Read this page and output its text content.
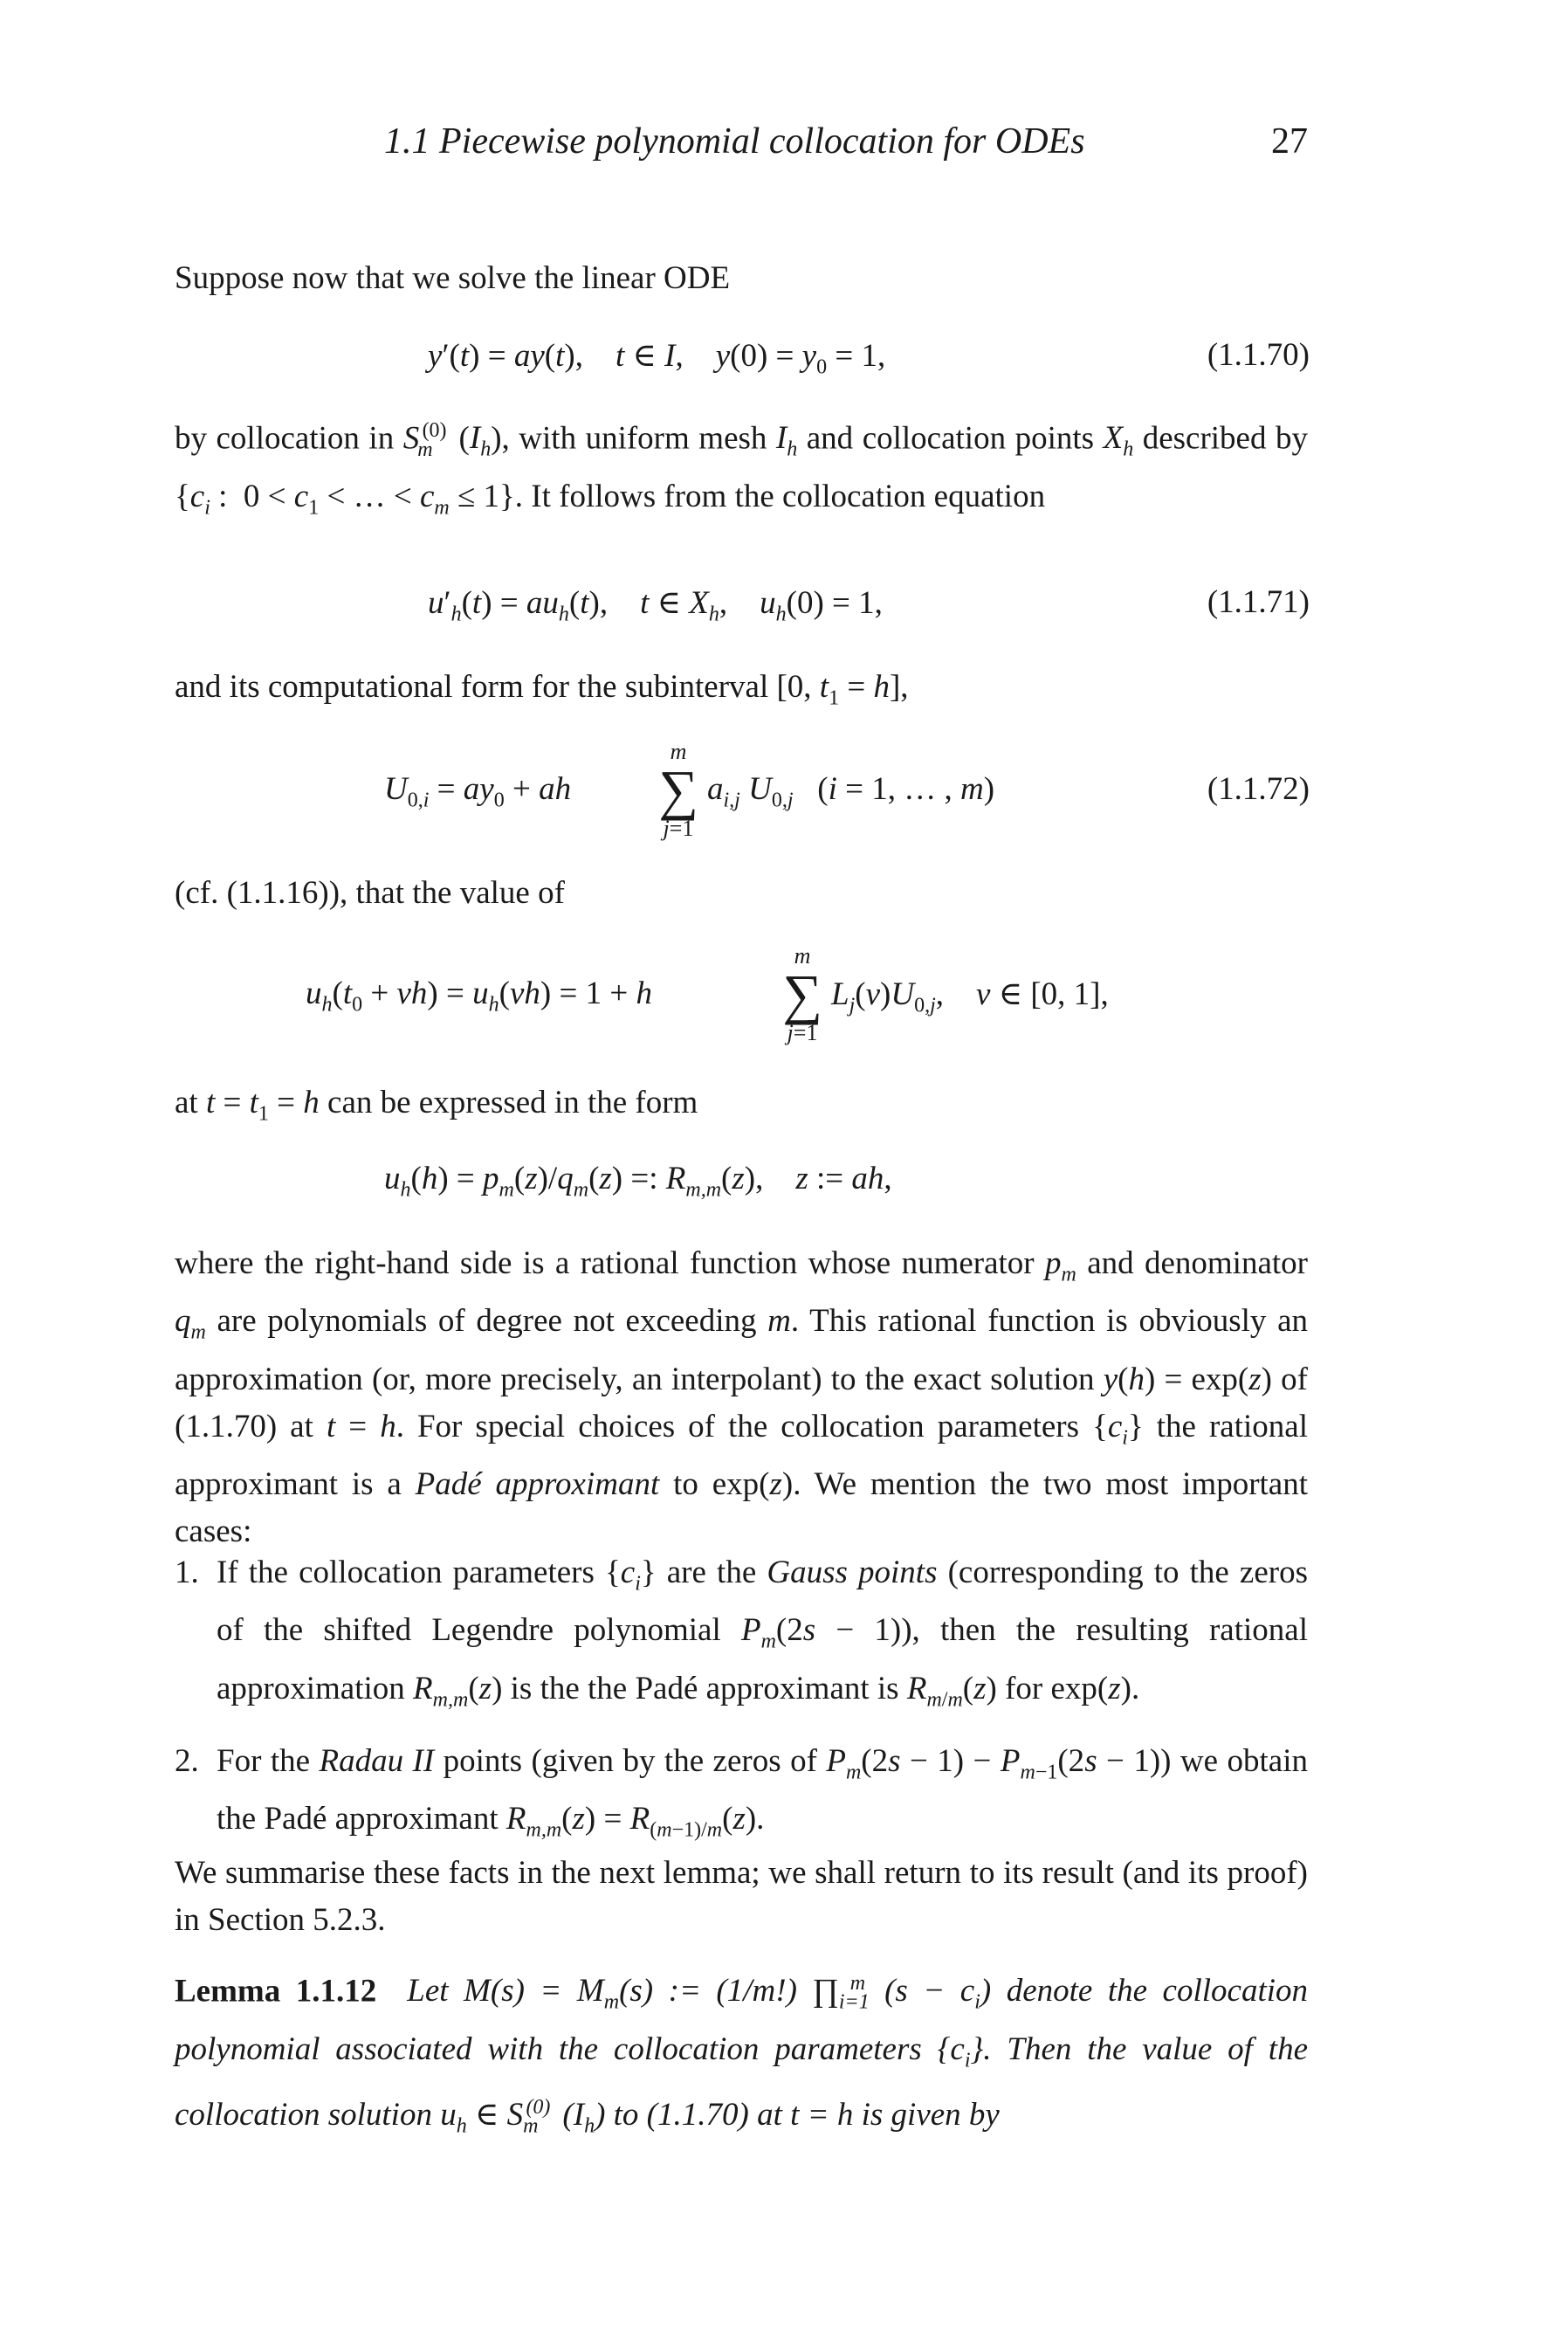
1.1 Piecewise polynomial collocation for ODEs	27
Suppose now that we solve the linear ODE
y′(t) = ay(t),    t ∈ I,    $y(0) = y_0 = 1$,	(1.1.70)
by collocation in $S_m^{(0)}$ $(I_h)$, with uniform mesh $I_h$ and collocation points $X_h$ described by {$c_i$ :  $0 < c_1$ < … < $c_m \le 1$}. It follows from the collocation equation
$u'_h(t) = au_h(t)$,    t ∈ $X_h$,    $u_h(0) = 1$,	(1.1.71)
and its computational form for the subinterval [0, $t_1 = h$],
$U_{0,i} = ay_0$ + ah
m
∑
j=1
$a_{i,j}$ $U_{0,j}$   (i = 1, … , m)	(1.1.72)
(cf. (1.1.16)), that the value of
$u_h(t_0 + vh) = u_h(vh) = 1 + h$
m
∑
j=1
$L_j(v)U_{0,j}$,    v ∈ [0, 1],
at $t = t_1 = h$ can be expressed in the form
$u_h(h) = p_m(z)/q_m(z)$ =: $R_{m,m}(z)$,    z := ah,
where the right-hand side is a rational function whose numerator $p_m$ and denominator $q_m$ are polynomials of degree not exceeding m. This rational function is obviously an approximation (or, more precisely, an interpolant) to the exact solution y(h) = exp(z) of (1.1.70) at t = h. For special choices of the collocation parameters $\{c_i\}$ the rational approximant is a Padé approximant to exp(z). We mention the two most important cases:
1. If the collocation parameters $\{c_i\}$ are the Gauss points (corresponding to the zeros of the shifted Legendre polynomial $P_m(2s - 1)$), then the resulting rational approximation $R_{m,m}(z)$ is the the Padé approximant is $R_{m/m}(z)$ for exp(z).
2. For the Radau II points (given by the zeros of $P_m(2s - 1) - P_{m-1}(2s - 1)$) we obtain the Padé approximant $R_{m,m}(z) = R_{(m-1)/m}(z)$.
We summarise these facts in the next lemma; we shall return to its result (and its proof) in Section 5.2.3.
Lemma 1.1.12 Let $M(s) = M_m(s)$ := (1/m!) $\prod_{i=1}^m$ $(s - c_i)$ denote the collocation polynomial associated with the collocation parameters $\{c_i\}$. Then the value of the collocation solution $u_h$ ∈ $S_m^{(0)}$ $(I_h)$ to (1.1.70) at t = h is given by
